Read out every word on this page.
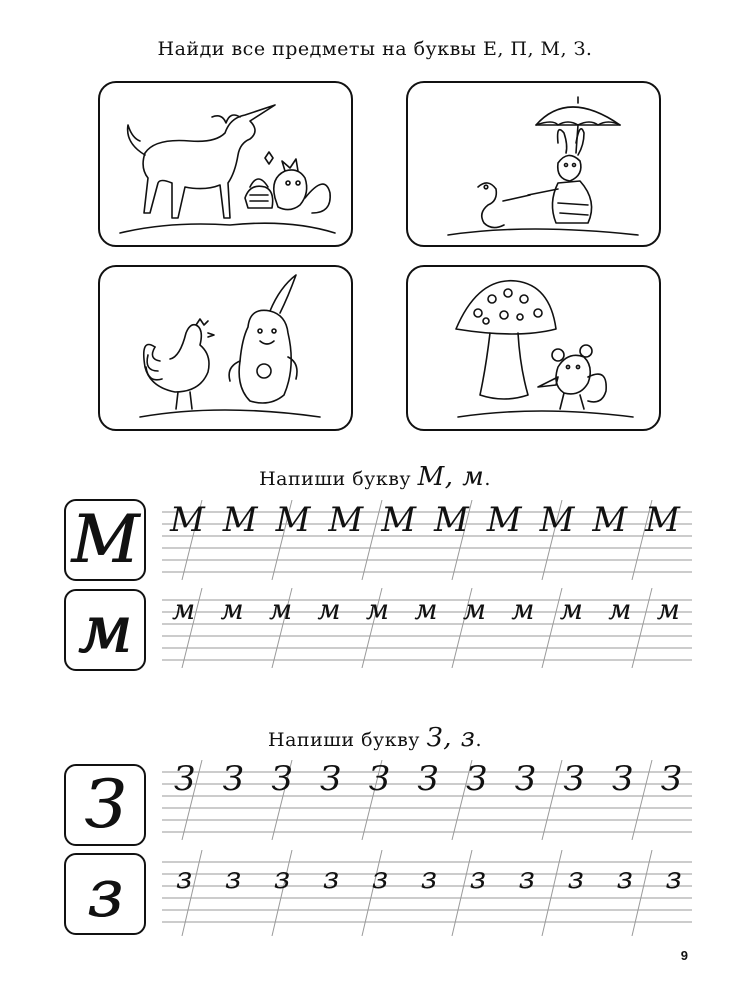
Найди все предметы на буквы Е, П, М, З.
Напиши букву М, м.
М
м
М М М М М М М М М М
м м м м м м м м м м м
Напиши букву З, з.
З
з
З З З З З З З З З З З
з з з з з з з з з з з
9
